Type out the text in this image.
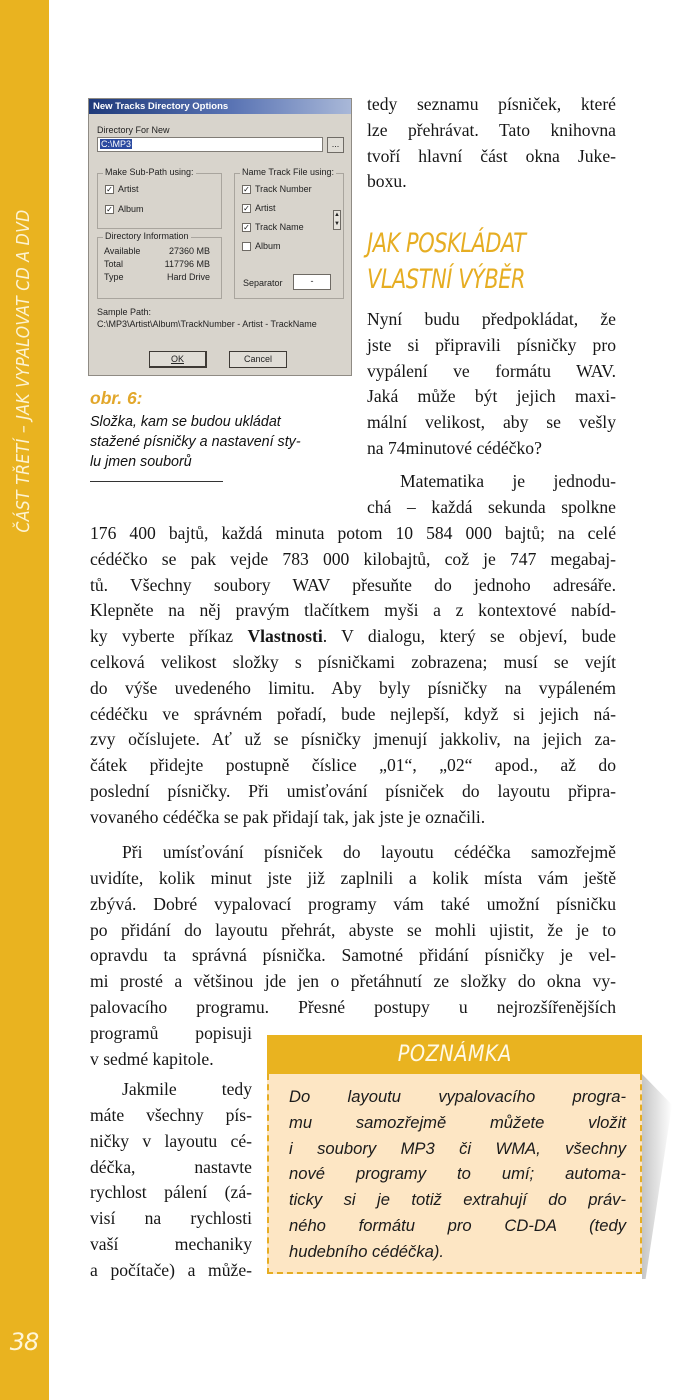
ČÁST TŘETÍ – JAK VYPALOVAT CD A DVD
38
New Tracks Directory Options
Directory For New
C:\MP3	...
Make Sub-Path using:
✓ Artist
✓ Album
Directory Information
Available	27360 MB
Total	117796 MB
Type	Hard Drive
Name Track File using:
✓ Track Number
✓ Artist
✓ Track Name
Album
▲
▼
Separator	-
Sample Path:
C:\MP3\Artist\Album\TrackNumber - Artist - TrackName
OK	Cancel
obr. 6:
Složka, kam se budou ukládat
stažené písničky a nastavení sty-
lu jmen souborů
tedy seznamu písniček, které
lze přehrávat. Tato knihovna
tvoří hlavní část okna Juke-
boxu.
JAK POSKLÁDAT
VLASTNÍ VÝBĚR
Nyní budu předpokládat, že
jste si připravili písničky pro
vypálení ve formátu WAV.
Jaká může být jejich maxi-
mální velikost, aby se vešly
na 74minutové cédéčko?
Matematika je jednodu-
chá – každá sekunda spolkne
176 400 bajtů, každá minuta potom 10 584 000 bajtů; na celé
cédéčko se pak vejde 783 000 kilobajtů, což je 747 megabaj-
tů. Všechny soubory WAV přesuňte do jednoho adresáře.
Klepněte na něj pravým tlačítkem myši a z kontextové nabíd-
ky vyberte příkaz Vlastnosti. V dialogu, který se objeví, bude
celková velikost složky s písničkami zobrazena; musí se vejít
do výše uvedeného limitu. Aby byly písničky na vypáleném
cédéčku ve správném pořadí, bude nejlepší, když si jejich ná-
zvy očíslujete. Ať už se písničky jmenují jakkoliv, na jejich za-
čátek přidejte postupně číslice „01“, „02“ apod., až do
poslední písničky. Při umisťování písniček do layoutu připra-
vovaného cédéčka se pak přidají tak, jak jste je označili.
Při umísťování písniček do layoutu cédéčka samozřejmě
uvidíte, kolik minut jste již zaplnili a kolik místa vám ještě
zbývá. Dobré vypalovací programy vám také umožní písničku
po přidání do layoutu přehrát, abyste se mohli ujistit, že je to
opravdu ta správná písnička. Samotné přidání písničky je vel-
mi prosté a většinou jde jen o přetáhnutí ze složky do okna vy-
palovacího programu. Přesné postupy u nejrozšířenějších
programů popisuji
v sedmé kapitole.
Jakmile tedy
máte všechny pís-
ničky v layoutu cé-
déčka, nastavte
rychlost pálení (zá-
visí na rychlosti
vaší mechaniky
a počítače) a může-
POZNÁMKA
Do layoutu vypalovacího progra-
mu samozřejmě můžete vložit
i soubory MP3 či WMA, všechny
nové programy to umí; automa-
ticky si je totiž extrahují do práv-
ného formátu pro CD-DA (tedy
hudebního cédéčka).
